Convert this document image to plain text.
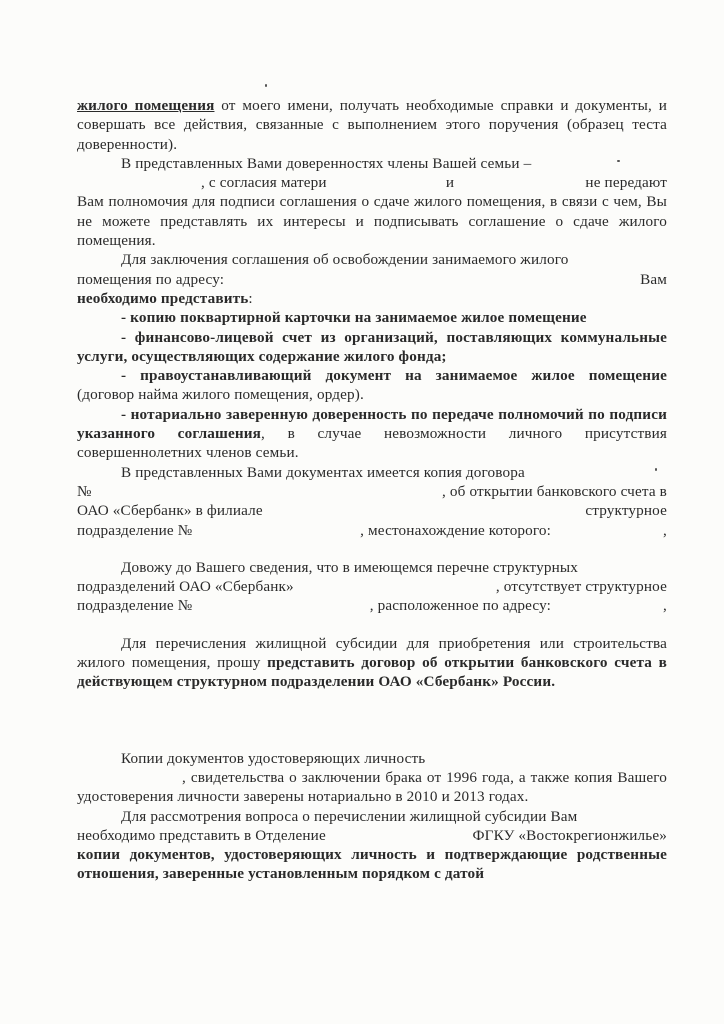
жилого помещения от моего имени, получать необходимые справки и документы, и совершать все действия, связанные с выполнением этого поручения (образец теста доверенности).

В представленных Вами доверенностях члены Вашей семьи –

, с согласия матери	и	не передают

Вам полномочия для подписи соглашения о сдаче жилого помещения, в связи с чем, Вы не можете представлять их интересы и подписывать соглашение о сдаче жилого помещения.

Для заключения соглашения об освобождении занимаемого жилого

помещения по адресу:	Вам

необходимо представить:

- копию поквартирной карточки на занимаемое жилое помещение

- финансово-лицевой счет из организаций, поставляющих коммунальные услуги, осуществляющих содержание жилого фонда;

- правоустанавливающий документ на занимаемое жилое помещение (договор найма жилого помещения, ордер).

- нотариально заверенную доверенность по передаче полномочий по подписи указанного соглашения, в случае невозможности личного присутствия совершеннолетних членов семьи.

В представленных Вами документах имеется копия договора

№	, об открытии банковского счета в
ОАО «Сбербанк» в филиале	структурное
подразделение №	, местонахождение которого:	,

Довожу до Вашего сведения, что в имеющемся перечне структурных

подразделений ОАО «Сбербанк»	, отсутствует структурное
подразделение №	, расположенное по адресу:	,

Для перечисления жилищной субсидии для приобретения или строительства жилого помещения, прошу представить договор об открытии банковского счета в действующем структурном подразделении ОАО «Сбербанк» России.

Копии документов удостоверяющих личность

, свидетельства о заключении брака от 1996 года, а также копия Вашего удостоверения личности заверены нотариально в 2010 и 2013 годах.

Для рассмотрения вопроса о перечислении жилищной субсидии Вам

необходимо представить в Отделение	ФГКУ «Востокрегионжилье»

копии документов, удостоверяющих личность и подтверждающие родственные отношения, заверенные установленным порядком с датой
